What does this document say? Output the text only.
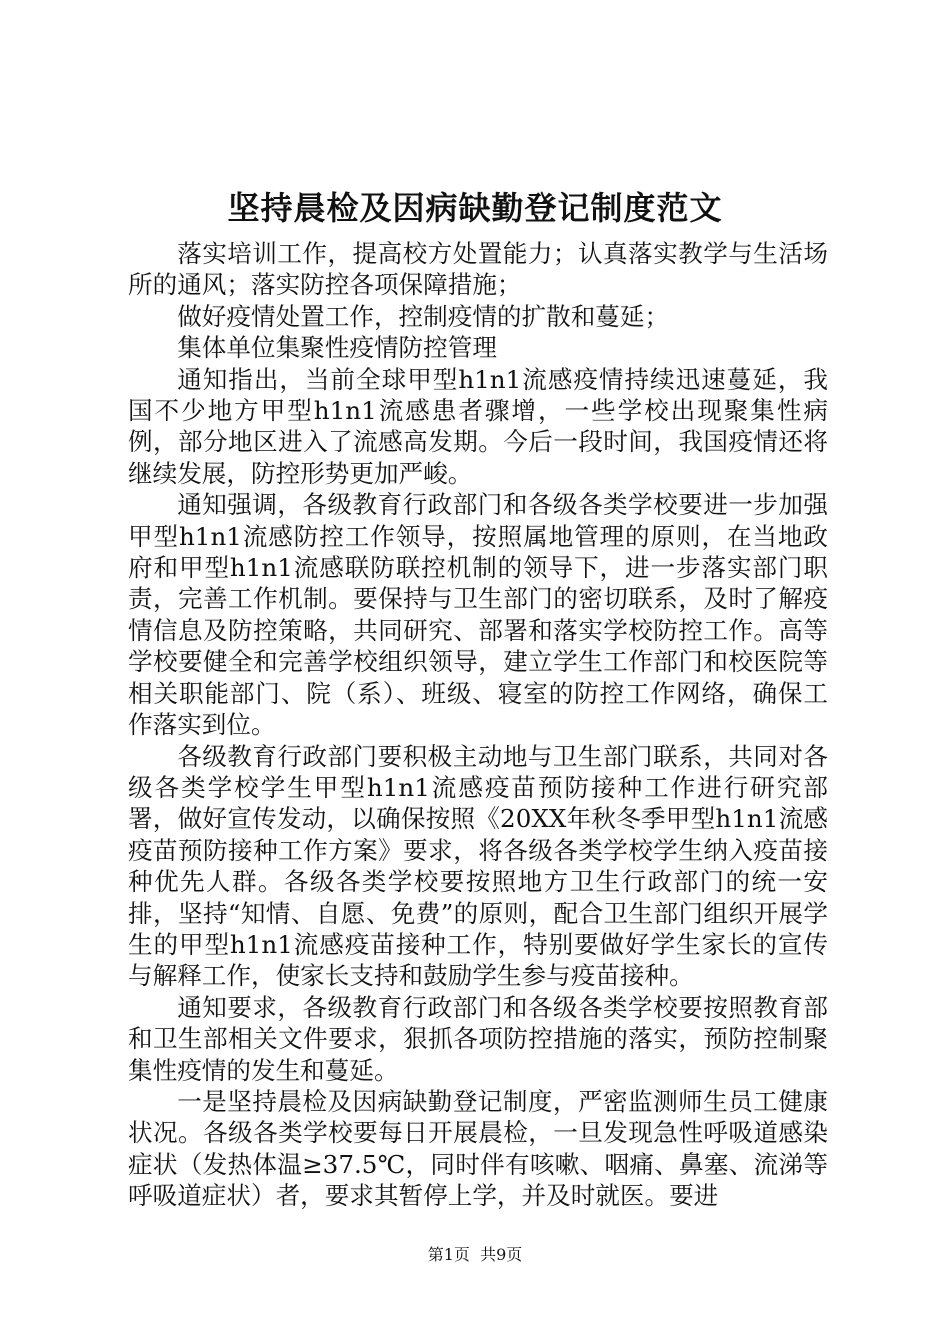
坚持晨检及因病缺勤登记制度范文

落实培训工作，提高校方处置能力；认真落实教学与生活场所的通风；落实防控各项保障措施；

做好疫情处置工作，控制疫情的扩散和蔓延；

集体单位集聚性疫情防控管理

通知指出，当前全球甲型h1n1流感疫情持续迅速蔓延，我国不少地方甲型h1n1流感患者骤增，一些学校出现聚集性病例，部分地区进入了流感高发期。今后一段时间，我国疫情还将继续发展，防控形势更加严峻。

通知强调，各级教育行政部门和各级各类学校要进一步加强甲型h1n1流感防控工作领导，按照属地管理的原则，在当地政府和甲型h1n1流感联防联控机制的领导下，进一步落实部门职责，完善工作机制。要保持与卫生部门的密切联系，及时了解疫情信息及防控策略，共同研究、部署和落实学校防控工作。高等学校要健全和完善学校组织领导，建立学生工作部门和校医院等相关职能部门、院（系）、班级、寝室的防控工作网络，确保工作落实到位。

各级教育行政部门要积极主动地与卫生部门联系，共同对各级各类学校学生甲型h1n1流感疫苗预防接种工作进行研究部署，做好宣传发动，以确保按照《20XX年秋冬季甲型h1n1流感疫苗预防接种工作方案》要求，将各级各类学校学生纳入疫苗接种优先人群。各级各类学校要按照地方卫生行政部门的统一安排，坚持“知情、自愿、免费”的原则，配合卫生部门组织开展学生的甲型h1n1流感疫苗接种工作，特别要做好学生家长的宣传与解释工作，使家长支持和鼓励学生参与疫苗接种。

通知要求，各级教育行政部门和各级各类学校要按照教育部和卫生部相关文件要求，狠抓各项防控措施的落实，预防控制聚集性疫情的发生和蔓延。

一是坚持晨检及因病缺勤登记制度，严密监测师生员工健康状况。各级各类学校要每日开展晨检，一旦发现急性呼吸道感染症状（发热体温≥37.5℃，同时伴有咳嗽、咽痛、鼻塞、流涕等呼吸道症状）者，要求其暂停上学，并及时就医。要进

第1页 共9页
